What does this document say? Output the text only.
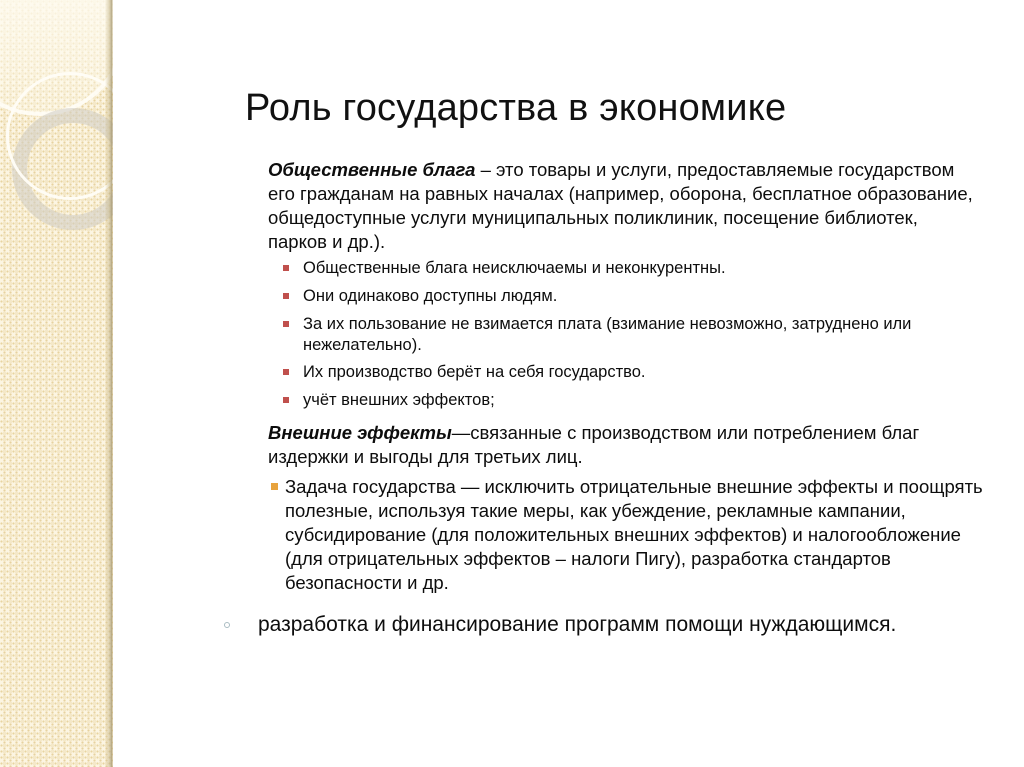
Роль государства в экономике

Общественные блага – это товары и услуги, предоставляемые государством его гражданам на равных началах (например, оборона, бесплатное образование, общедоступные услуги муниципальных поликлиник, посещение библиотек, парков и др.).

Общественные блага неисключаемы и неконкурентны.
Они одинаково доступны людям.
За их пользование не взимается плата (взимание невозможно, затруднено или нежелательно).
Их производство берёт на себя государство.
учёт внешних эффектов;

Внешние эффекты—связанные с производством или потреблением благ издержки и выгоды для третьих лиц.

Задача государства — исключить отрицательные внешние эффекты и поощрять полезные, используя такие меры, как убеждение, рекламные кампании, субсидирование (для положительных внешних эффектов) и налогообложение (для отрицательных эффектов – налоги Пигу), разработка стандартов безопасности и др.
разработка и финансирование программ помощи нуждающимся.
